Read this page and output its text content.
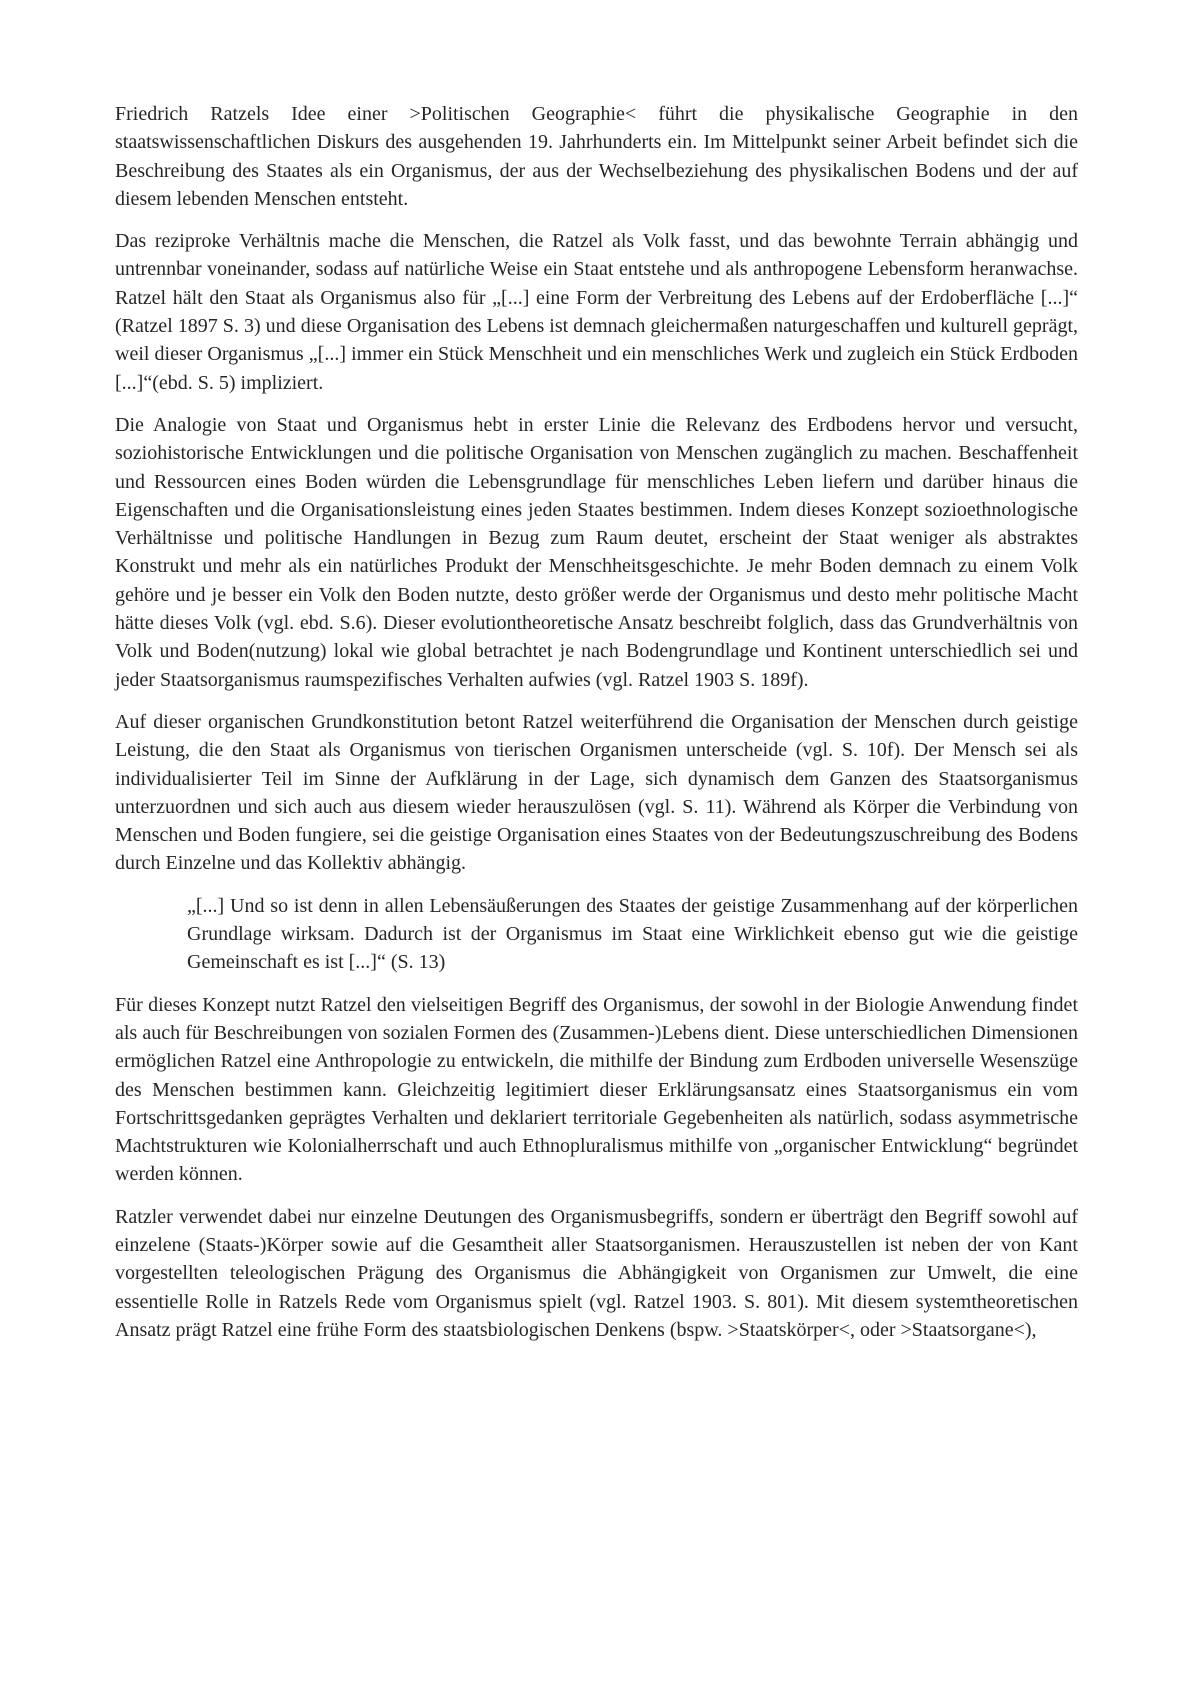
Friedrich Ratzels Idee einer >Politischen Geographie< führt die physikalische Geographie in den staatswissenschaftlichen Diskurs des ausgehenden 19. Jahrhunderts ein. Im Mittelpunkt seiner Arbeit befindet sich die Beschreibung des Staates als ein Organismus, der aus der Wechselbeziehung des physikalischen Bodens und der auf diesem lebenden Menschen entsteht.

Das reziproke Verhältnis mache die Menschen, die Ratzel als Volk fasst, und das bewohnte Terrain abhängig und untrennbar voneinander, sodass auf natürliche Weise ein Staat entstehe und als anthropogene Lebensform heranwachse. Ratzel hält den Staat als Organismus also für „[...] eine Form der Verbreitung des Lebens auf der Erdoberfläche [...]“ (Ratzel 1897 S. 3) und diese Organisation des Lebens ist demnach gleichermaßen naturgeschaffen und kulturell geprägt, weil dieser Organismus „[...] immer ein Stück Menschheit und ein menschliches Werk und zugleich ein Stück Erdboden [...]“(ebd. S. 5) impliziert.

Die Analogie von Staat und Organismus hebt in erster Linie die Relevanz des Erdbodens hervor und versucht, soziohistorische Entwicklungen und die politische Organisation von Menschen zugänglich zu machen. Beschaffenheit und Ressourcen eines Boden würden die Lebensgrundlage für menschliches Leben liefern und darüber hinaus die Eigenschaften und die Organisationsleistung eines jeden Staates bestimmen. Indem dieses Konzept sozioethnologische Verhältnisse und politische Handlungen in Bezug zum Raum deutet, erscheint der Staat weniger als abstraktes Konstrukt und mehr als ein natürliches Produkt der Menschheitsgeschichte. Je mehr Boden demnach zu einem Volk gehöre und je besser ein Volk den Boden nutzte, desto größer werde der Organismus und desto mehr politische Macht hätte dieses Volk (vgl. ebd. S.6). Dieser evolutiontheoretische Ansatz beschreibt folglich, dass das Grundverhältnis von Volk und Boden(nutzung) lokal wie global betrachtet je nach Bodengrundlage und Kontinent unterschiedlich sei und jeder Staatsorganismus raumspezifisches Verhalten aufwies (vgl. Ratzel 1903 S. 189f).

Auf dieser organischen Grundkonstitution betont Ratzel weiterführend die Organisation der Menschen durch geistige Leistung, die den Staat als Organismus von tierischen Organismen unterscheide (vgl. S. 10f). Der Mensch sei als individualisierter Teil im Sinne der Aufklärung in der Lage, sich dynamisch dem Ganzen des Staatsorganismus unterzuordnen und sich auch aus diesem wieder herauszulösen (vgl. S. 11). Während als Körper die Verbindung von Menschen und Boden fungiere, sei die geistige Organisation eines Staates von der Bedeutungszuschreibung des Bodens durch Einzelne und das Kollektiv abhängig.

„[...] Und so ist denn in allen Lebensäußerungen des Staates der geistige Zusammenhang auf der körperlichen Grundlage wirksam. Dadurch ist der Organismus im Staat eine Wirklichkeit ebenso gut wie die geistige Gemeinschaft es ist [...]“ (S. 13)

Für dieses Konzept nutzt Ratzel den vielseitigen Begriff des Organismus, der sowohl in der Biologie Anwendung findet als auch für Beschreibungen von sozialen Formen des (Zusammen-)Lebens dient. Diese unterschiedlichen Dimensionen ermöglichen Ratzel eine Anthropologie zu entwickeln, die mithilfe der Bindung zum Erdboden universelle Wesenszüge des Menschen bestimmen kann. Gleichzeitig legitimiert dieser Erklärungsansatz eines Staatsorganismus ein vom Fortschrittsgedanken geprägtes Verhalten und deklariert territoriale Gegebenheiten als natürlich, sodass asymmetrische Machtstrukturen wie Kolonialherrschaft und auch Ethnopluralismus mithilfe von „organischer Entwicklung“ begründet werden können.

Ratzler verwendet dabei nur einzelne Deutungen des Organismusbegriffs, sondern er überträgt den Begriff sowohl auf einzelene (Staats-)Körper sowie auf die Gesamtheit aller Staatsorganismen. Herauszustellen ist neben der von Kant vorgestellten teleologischen Prägung des Organismus die Abhängigkeit von Organismen zur Umwelt, die eine essentielle Rolle in Ratzels Rede vom Organismus spielt (vgl. Ratzel 1903. S. 801). Mit diesem systemtheoretischen Ansatz prägt Ratzel eine frühe Form des staatsbiologischen Denkens (bspw. >Staatskörper<, oder >Staatsorgane<),
